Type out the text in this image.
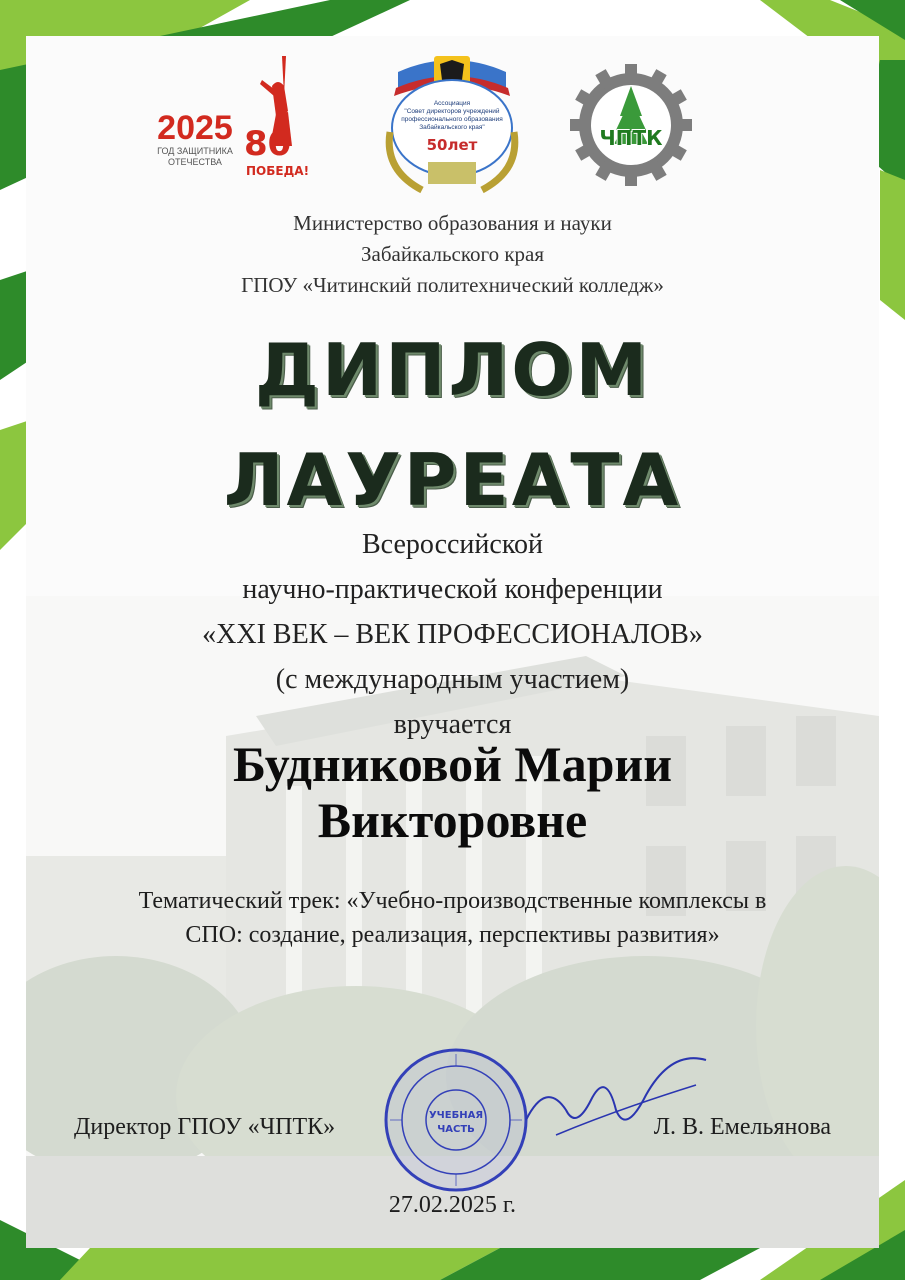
2025
ГОД ЗАЩИТНИКА
ОТЕЧЕСТВА 80
ПОБЕДА!
Ассоциация
"Совет директоров учреждений
профессионального образования
Забайкальского края"
50лет	ЧПТК
Министерство образования и науки
Забайкальского края
ГПОУ «Читинский политехнический колледж»
ДИПЛОМ
ЛАУРЕАТА
Всероссийской
научно-практической конференции
«XXI ВЕК – ВЕК ПРОФЕССИОНАЛОВ»
(с международным участием)
вручается
Будниковой Марии
Викторовне
Тематический трек: «Учебно-производственные комплексы в
СПО: создание, реализация, перспективы развития»
УЧЕБНАЯ
ЧАСТЬ
Директор ГПОУ «ЧПТК»	Л. В. Емельянова
27.02.2025 г.
